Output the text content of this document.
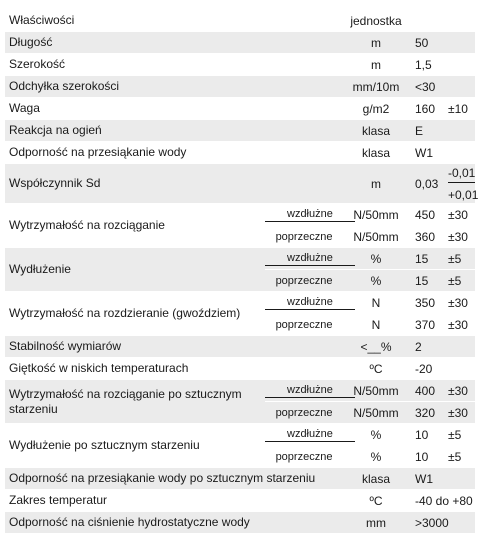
Właściwości		jednostka		
Długość		m	50	
Szerokość		m	1,5	
Odchyłka szerokości		mm/10m	<30	
Waga		g/m2	160	±10
Reakcja na ogień		klasa	E	
Odporność na przesiąkanie wody		klasa	W1	
Współczynnik Sd		m	0,03	-0,01
+0,01

Wytrzymałość na rozciąganie	wzdłużne	N/50mm	450	±30
	poprzeczne	N/50mm	360	±30
Wydłużenie	wzdłużne	%	15	±5
	poprzeczne	%	15	±5
Wytrzymałość na rozdzieranie (gwoździem)	wzdłużne	N	350	±30
	poprzeczne	N	370	±30
Stabilność wymiarów		<__%	2	
Giętkość w niskich temperaturach		ºC	-20	
Wytrzymałość na rozciąganie po sztucznym starzeniu	wzdłużne	N/50mm	400	±30
	poprzeczne	N/50mm	320	±30
Wydłużenie po sztucznym starzeniu	wzdłużne	%	10	±5
	poprzeczne	%	10	±5
Odporność na przesiąkanie wody po sztucznym starzeniu		klasa	W1	
Zakres temperatur		ºC	-40 do +80	
Odporność na ciśnienie hydrostatyczne wody		mm	>3000	
